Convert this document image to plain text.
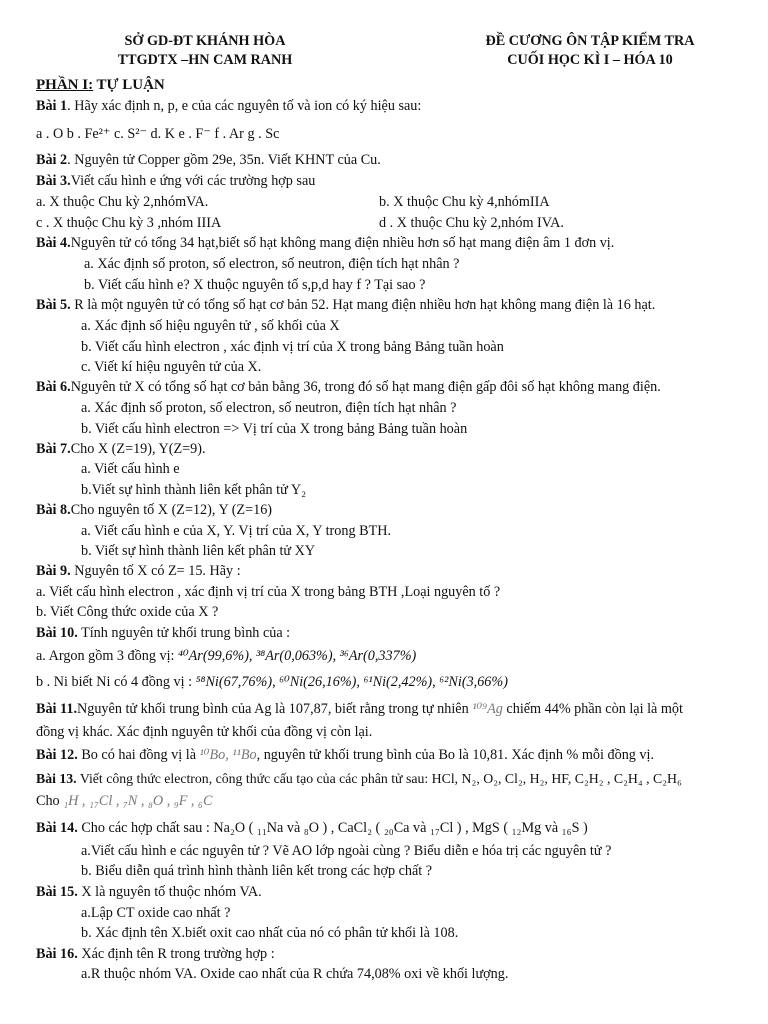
SỞ GD-ĐT KHÁNH HÒA
TTGDTX –HN CAM RANH
ĐỀ CƯƠNG ÔN TẬP KIẾM TRA
CUỐI HỌC KÌ I – HÓA 10
PHẦN I: TỰ LUẬN
Bài 1. Hãy xác định n, p, e của các nguyên tố và ion có ký hiệu sau:
a . O b . Fe²⁺ c. S²⁻ d. K e . F⁻ f . Ar g . Sc
Bài 2. Nguyên tử Copper gồm 29e, 35n. Viết KHNT của Cu.
Bài 3.Viết cấu hình e ứng với các trường hợp sau
a. X thuộc Chu kỳ 2,nhómVA.	b. X thuộc Chu kỳ 4,nhómIIA
c . X thuộc Chu kỳ 3 ,nhóm IIIA	d . X thuộc Chu kỳ 2,nhóm IVA.
Bài 4.Nguyên tử có tổng 34 hạt,biết số hạt không mang điện nhiều hơn số hạt mang điện âm 1 đơn vị.
a. Xác định số proton, số electron, số neutron, điện tích hạt nhân ?
b. Viết cấu hình e? X thuộc nguyên tố s,p,d hay f ? Tại sao ?
Bài 5. R là một nguyên tử có tổng số hạt cơ bản 52. Hạt mang điện nhiều hơn hạt không mang điện là 16 hạt.
a. Xác định số hiệu nguyên tử , số khối của X
b. Viết cấu hình electron , xác định vị trí của X trong bảng Bảng tuần hoàn
c. Viết kí hiệu nguyên tử của X.
Bài 6.Nguyên tử X có tổng số hạt cơ bản bằng 36, trong đó số hạt mang điện gấp đôi số hạt không mang điện.
a. Xác định số proton, số electron, số neutron, điện tích hạt nhân ?
b. Viết cấu hình electron => Vị trí của X trong bảng Bảng tuần hoàn
Bài 7.Cho X (Z=19), Y(Z=9).
a. Viết cấu hình e
b.Viết sự hình thành liên kết phân tử Y₂
Bài 8.Cho nguyên tố X (Z=12), Y (Z=16)
a. Viết cấu hình e của X, Y. Vị trí của X, Y trong BTH.
b. Viết sự hình thành liên kết phân tử XY
Bài 9. Nguyên tố X có Z= 15. Hãy :
a. Viết cấu hình electron , xác định vị trí của X trong bảng BTH ,Loại nguyên tố ?
b. Viết Công thức oxide của X ?
Bài 10. Tính nguyên tử khối trung bình của :
a. Argon gồm 3 đồng vị: ⁴⁰Ar(99,6%), ³⁸Ar(0,063%), ³⁶Ar(0,337%)
b . Ni biết Ni có 4 đồng vị : ⁵⁸Ni(67,76%), ⁶⁰Ni(26,16%), ⁶¹Ni(2,42%), ⁶²Ni(3,66%)
Bài 11.Nguyên tử khối trung bình của Ag là 107,87, biết rằng trong tự nhiên ¹⁰⁹Ag chiếm 44% phần còn lại là một
đồng vị khác. Xác định nguyên tử khối của đồng vị còn lại.
Bài 12. Bo có hai đồng vị là ¹⁰Bo, ¹¹Bo, nguyên tử khối trung bình của Bo là 10,81. Xác định % mỗi đồng vị.
Bài 13. Viết công thức electron, công thức cấu tạo của các phân tử sau: HCl, N₂, O₂, Cl₂, H₂, HF, C₂H₂ , C₂H₄ , C₂H₆
Cho ₁H , ₁₇Cl , ₇N , ₈O , ₉F , ₆C
Bài 14. Cho các hợp chất sau : Na₂O ( ₁₁Na và ₈O ) , CaCl₂ ( ₂₀Ca và ₁₇Cl ) , MgS ( ₁₂Mg và ₁₆S )
a.Viết cấu hình e các nguyên tử ? Vẽ AO lớp ngoài cùng ? Biểu diễn e hóa trị các nguyên tử ?
b. Biểu diễn quá trình hình thành liên kết trong các hợp chất ?
Bài 15. X là nguyên tố thuộc nhóm VA.
a.Lập CT oxide cao nhất ?
b. Xác định tên X.biết oxit cao nhất của nó có phân tử khối là 108.
Bài 16. Xác định tên R trong trường hợp :
a.R thuộc nhóm VA. Oxide cao nhất của R chứa 74,08% oxi về khối lượng.
